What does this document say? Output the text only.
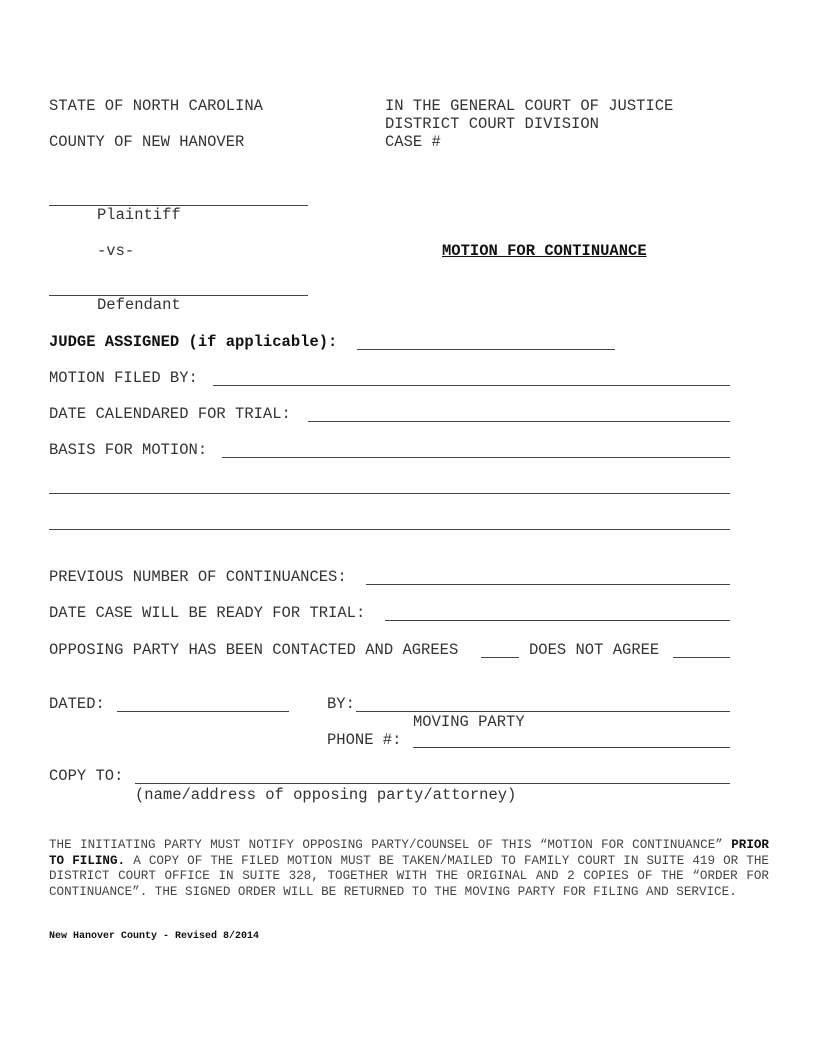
STATE OF NORTH CAROLINA
COUNTY OF NEW HANOVER
IN THE GENERAL COURT OF JUSTICE
DISTRICT COURT DIVISION
CASE #
Plaintiff
-vs-	MOTION FOR CONTINUANCE
Defendant
JUDGE ASSIGNED (if applicable):
MOTION FILED BY:
DATE CALENDARED FOR TRIAL:
BASIS FOR MOTION:
PREVIOUS NUMBER OF CONTINUANCES:
DATE CASE WILL BE READY FOR TRIAL:
OPPOSING PARTY HAS BEEN CONTACTED AND AGREES	DOES NOT AGREE
DATED:	BY:
MOVING PARTY
PHONE #:
COPY TO:
(name/address of opposing party/attorney)
THE INITIATING PARTY MUST NOTIFY OPPOSING PARTY/COUNSEL OF THIS “MOTION FOR CONTINUANCE” PRIOR TO FILING. A COPY OF THE FILED MOTION MUST BE TAKEN/MAILED TO FAMILY COURT IN SUITE 419 OR THE DISTRICT COURT OFFICE IN SUITE 328, TOGETHER WITH THE ORIGINAL AND 2 COPIES OF THE “ORDER FOR CONTINUANCE”. THE SIGNED ORDER WILL BE RETURNED TO THE MOVING PARTY FOR FILING AND SERVICE.
New Hanover County - Revised 8/2014
